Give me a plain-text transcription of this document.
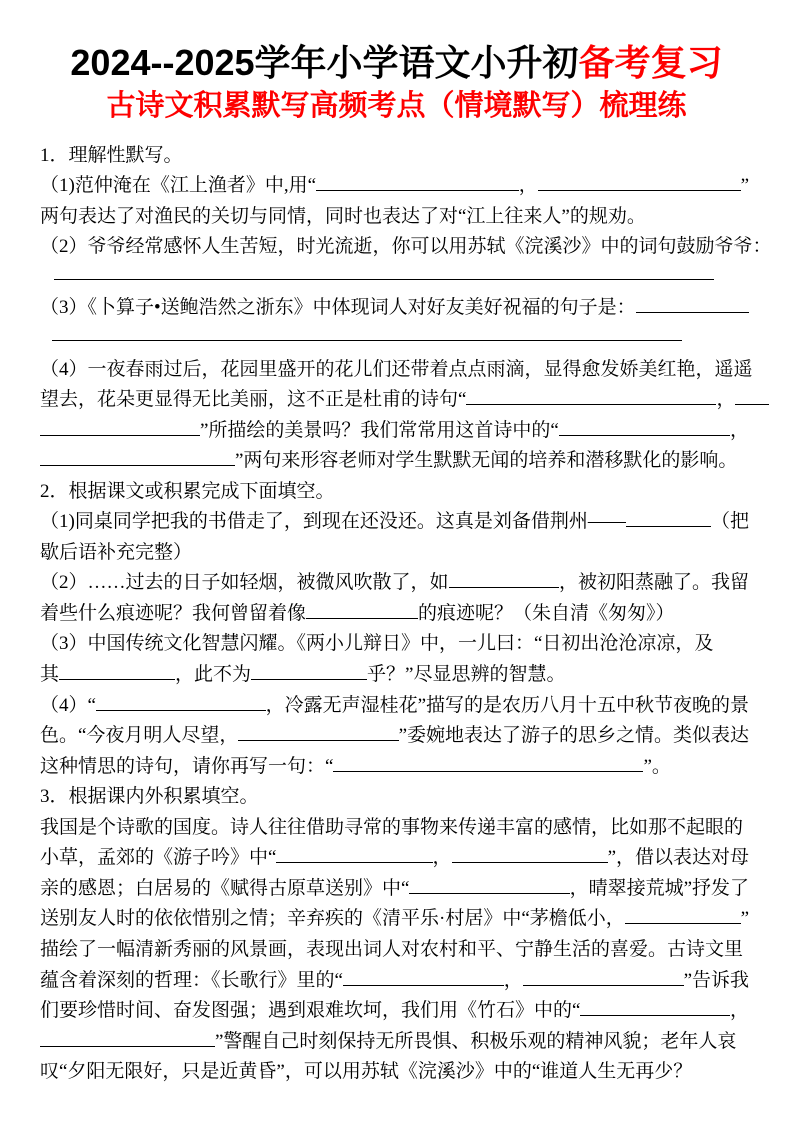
2024--2025学年小学语文小升初备考复习
古诗文积累默写高频考点（情境默写）梳理练
1．理解性默写。
（1)范仲淹在《江上渔者》中,用“	，	”
两句表达了对渔民的关切与同情，同时也表达了对“江上往来人”的规劝。
（2）爷爷经常感怀人生苦短，时光流逝，你可以用苏轼《浣溪沙》中的词句鼓励爷爷：
（3）《卜算子•送鲍浩然之浙东》中体现词人对好友美好祝福的句子是：
（4）一夜春雨过后，花园里盛开的花儿们还带着点点雨滴，显得愈发娇美红艳，遥遥
望去，花朵更显得无比美丽，这不正是杜甫的诗句“	，
”所描绘的美景吗？我们常常用这首诗中的“	，
”两句来形容老师对学生默默无闻的培养和潜移默化的影响。
2．根据课文或积累完成下面填空。
（1)同桌同学把我的书借走了，到现在还没还。这真是刘备借荆州——	（把
歇后语补充完整）
（2）……过去的日子如轻烟，被微风吹散了，如	，被初阳蒸融了。我留
着些什么痕迹呢？我何曾留着像	的痕迹呢？（朱自清《匆匆》）
（3）中国传统文化智慧闪耀。《两小儿辩日》中，一儿曰：“日初出沧沧凉凉，及
其	，此不为	乎？”尽显思辨的智慧。
（4）“	，冷露无声湿桂花”描写的是农历八月十五中秋节夜晚的景
色。“今夜月明人尽望，	”委婉地表达了游子的思乡之情。类似表达
这种情思的诗句，请你再写一句：“	”。
3．根据课内外积累填空。
我国是个诗歌的国度。诗人往往借助寻常的事物来传递丰富的感情，比如那不起眼的
小草，孟郊的《游子吟》中“	，	”，借以表达对母
亲的感恩；白居易的《赋得古原草送别》中“	，晴翠接荒城”抒发了
送别友人时的依依惜别之情；辛弃疾的《清平乐·村居》中“茅檐低小，	”
描绘了一幅清新秀丽的风景画，表现出词人对农村和平、宁静生活的喜爱。古诗文里
蕴含着深刻的哲理：《长歌行》里的“	，	”告诉我
们要珍惜时间、奋发图强；遇到艰难坎坷，我们用《竹石》中的“	，
”警醒自己时刻保持无所畏惧、积极乐观的精神风貌；老年人哀
叹“夕阳无限好，只是近黄昏”，可以用苏轼《浣溪沙》中的“谁道人生无再少？
